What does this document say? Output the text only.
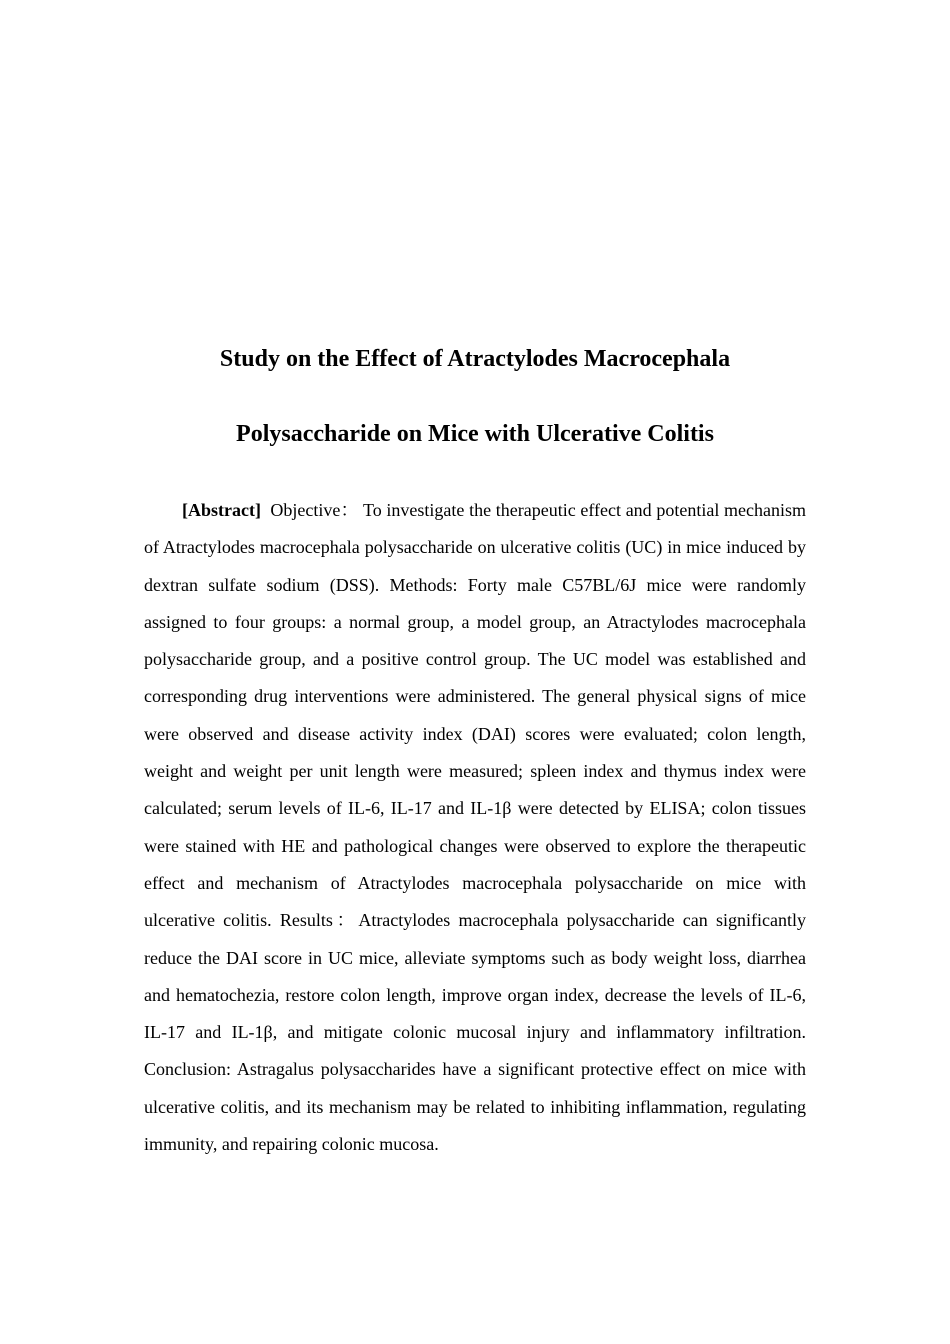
Study on the Effect of Atractylodes Macrocephala
Polysaccharide on Mice with Ulcerative Colitis

[Abstract] Objective： To investigate the therapeutic effect and potential mechanism of Atractylodes macrocephala polysaccharide on ulcerative colitis (UC) in mice induced by dextran sulfate sodium (DSS). Methods: Forty male C57BL/6J mice were randomly assigned to four groups: a normal group, a model group, an Atractylodes macrocephala polysaccharide group, and a positive control group. The UC model was established and corresponding drug interventions were administered. The general physical signs of mice were observed and disease activity index (DAI) scores were evaluated; colon length, weight and weight per unit length were measured; spleen index and thymus index were calculated; serum levels of IL-6, IL-17 and IL-1β were detected by ELISA; colon tissues were stained with HE and pathological changes were observed to explore the therapeutic effect and mechanism of Atractylodes macrocephala polysaccharide on mice with ulcerative colitis. Results：Atractylodes macrocephala polysaccharide can significantly reduce the DAI score in UC mice, alleviate symptoms such as body weight loss, diarrhea and hematochezia, restore colon length, improve organ index, decrease the levels of IL-6, IL-17 and IL-1β, and mitigate colonic mucosal injury and inflammatory infiltration. Conclusion: Astragalus polysaccharides have a significant protective effect on mice with ulcerative colitis, and its mechanism may be related to inhibiting inflammation, regulating immunity, and repairing colonic mucosa.
